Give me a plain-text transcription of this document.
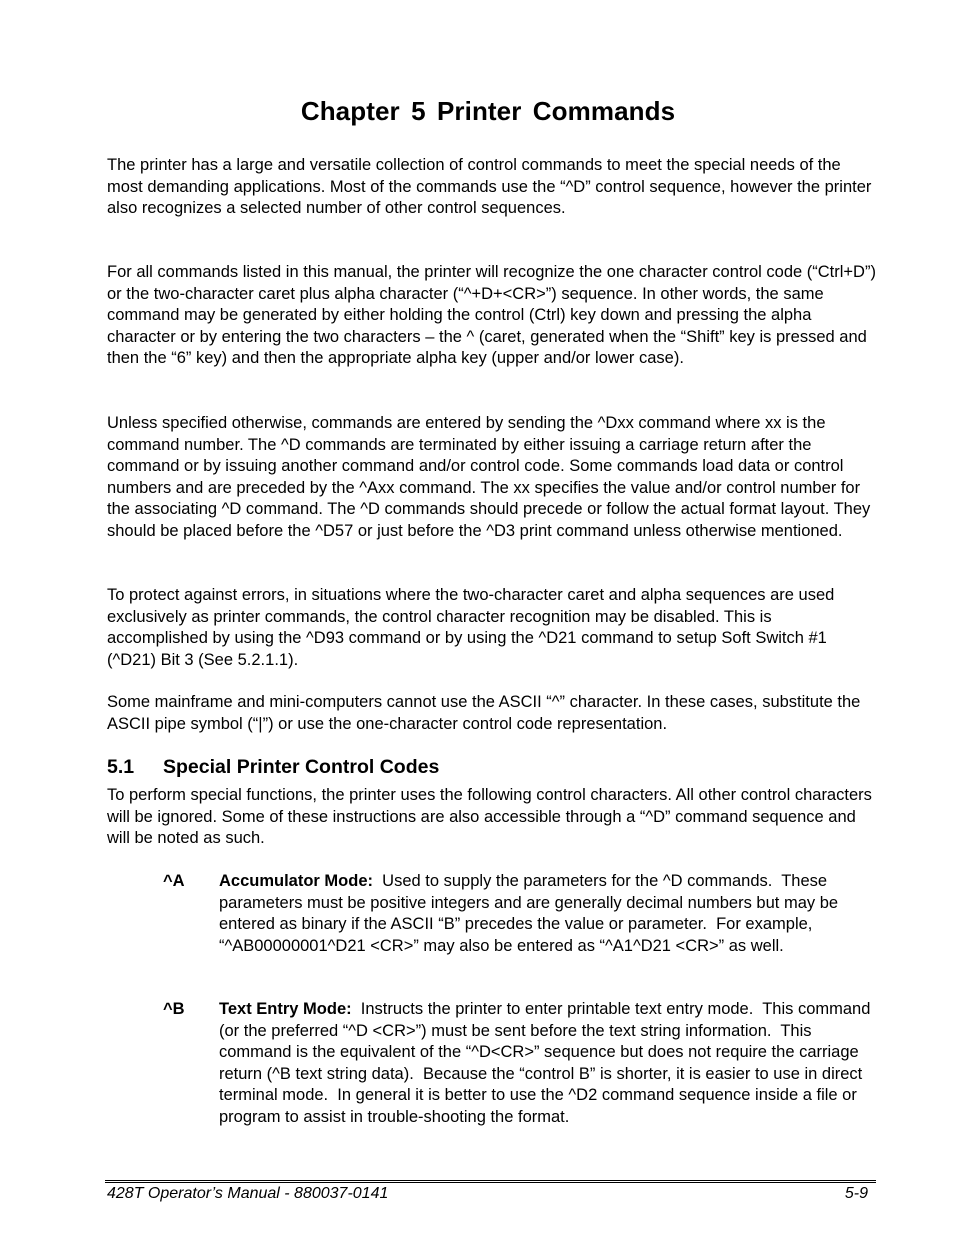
Chapter 5 Printer Commands
The printer has a large and versatile collection of control commands to meet the special needs of the most demanding applications. Most of the commands use the “^D” control sequence, however the printer also recognizes a selected number of other control sequences.
For all commands listed in this manual, the printer will recognize the one character control code (“Ctrl+D”) or the two-character caret plus alpha character (“^+D+<CR>”) sequence. In other words, the same command may be generated by either holding the control (Ctrl) key down and pressing the alpha character or by entering the two characters – the ^ (caret, generated when the “Shift” key is pressed and then the “6” key) and then the appropriate alpha key (upper and/or lower case).
Unless specified otherwise, commands are entered by sending the ^Dxx command where xx is the command number. The ^D commands are terminated by either issuing a carriage return after the command or by issuing another command and/or control code. Some commands load data or control numbers and are preceded by the ^Axx command. The xx specifies the value and/or control number for the associating ^D command. The ^D commands should precede or follow the actual format layout. They should be placed before the ^D57 or just before the ^D3 print command unless otherwise mentioned.
To protect against errors, in situations where the two-character caret and alpha sequences are used exclusively as printer commands, the control character recognition may be disabled. This is accomplished by using the ^D93 command or by using the ^D21 command to setup Soft Switch #1 (^D21) Bit 3 (See 5.2.1.1).
Some mainframe and mini-computers cannot use the ASCII “^” character. In these cases, substitute the ASCII pipe symbol (“|”) or use the one-character control code representation.
5.1 Special Printer Control Codes
To perform special functions, the printer uses the following control characters. All other control characters will be ignored. Some of these instructions are also accessible through a “^D” command sequence and will be noted as such.
^A Accumulator Mode:  Used to supply the parameters for the ^D commands.  These parameters must be positive integers and are generally decimal numbers but may be entered as binary if the ASCII “B” precedes the value or parameter.  For example, “^AB00000001^D21 <CR>” may also be entered as “^A1^D21 <CR>” as well.
^B Text Entry Mode:  Instructs the printer to enter printable text entry mode.  This command (or the preferred “^D <CR>”) must be sent before the text string information.  This command is the equivalent of the “^D<CR>” sequence but does not require the carriage return (^B text string data).  Because the “control B” is shorter, it is easier to use in direct terminal mode.  In general it is better to use the ^D2 command sequence inside a file or program to assist in trouble-shooting the format.
428T Operator’s Manual - 880037-0141	5-9
